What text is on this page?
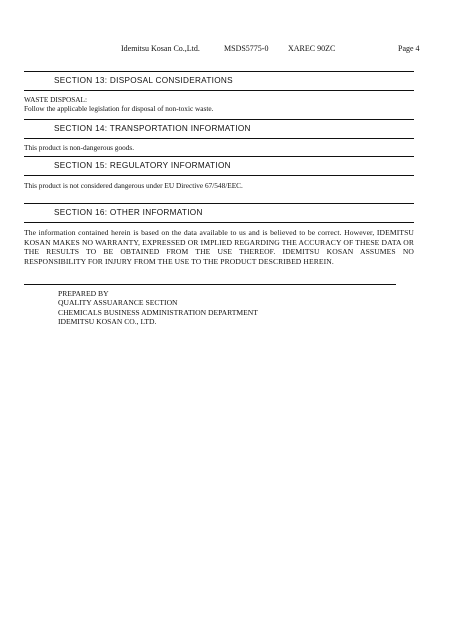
Idemitsu Kosan Co.,Ltd.	MSDS5775-0 XAREC 90ZC	Page 4
SECTION 13: DISPOSAL CONSIDERATIONS
WASTE DISPOSAL:
Follow the applicable legislation for disposal of non-toxic waste.
SECTION 14: TRANSPORTATION INFORMATION
This product is non-dangerous goods.
SECTION 15: REGULATORY INFORMATION
This product is not considered dangerous under EU Directive 67/548/EEC.
SECTION 16: OTHER INFORMATION
The information contained herein is based on the data available to us and is believed to be correct. However, IDEMITSU KOSAN MAKES NO WARRANTY, EXPRESSED OR IMPLIED REGARDING THE ACCURACY OF THESE DATA OR THE RESULTS TO BE OBTAINED FROM THE USE THEREOF. IDEMITSU KOSAN ASSUMES NO RESPONSIBILITY FOR INJURY FROM THE USE TO THE PRODUCT DESCRIBED HEREIN.
PREPARED BY
QUALITY ASSUARANCE SECTION
CHEMICALS BUSINESS ADMINISTRATION DEPARTMENT
IDEMITSU KOSAN CO., LTD.
